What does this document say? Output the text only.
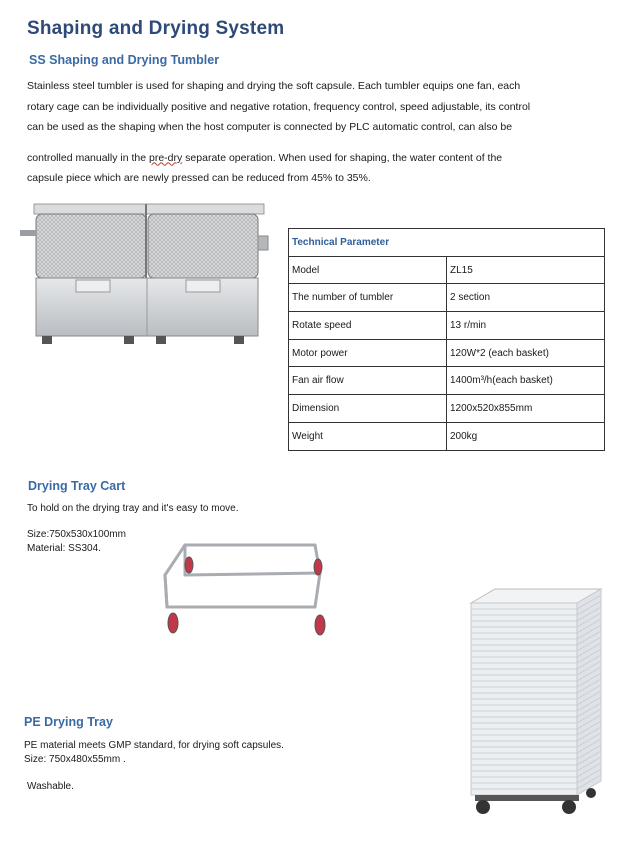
Shaping and Drying System
SS Shaping and Drying Tumbler
Stainless steel tumbler is used for shaping and drying the soft capsule. Each tumbler equips one fan, each
rotary cage can be individually positive and negative rotation, frequency control, speed adjustable, its control
can be used as the shaping when the host computer is connected by PLC automatic control, can also be
controlled manually in the pre-dry separate operation. When used for shaping, the water content of the
capsule piece which are newly pressed can be reduced from 45% to 35%.
Technical Parameter	
Model	ZL15
The number of tumbler	2 section
Rotate speed	13 r/min
Motor power	120W*2 (each basket)
Fan air flow	1400m³/h(each basket)
Dimension	1200x520x855mm
Weight	200kg
Drying Tray Cart
To hold on the drying tray and it's easy to move.
Size:750x530x100mm
Material: SS304.
PE Drying Tray
PE material meets GMP standard, for drying soft capsules.
Size: 750x480x55mm .
Washable.
